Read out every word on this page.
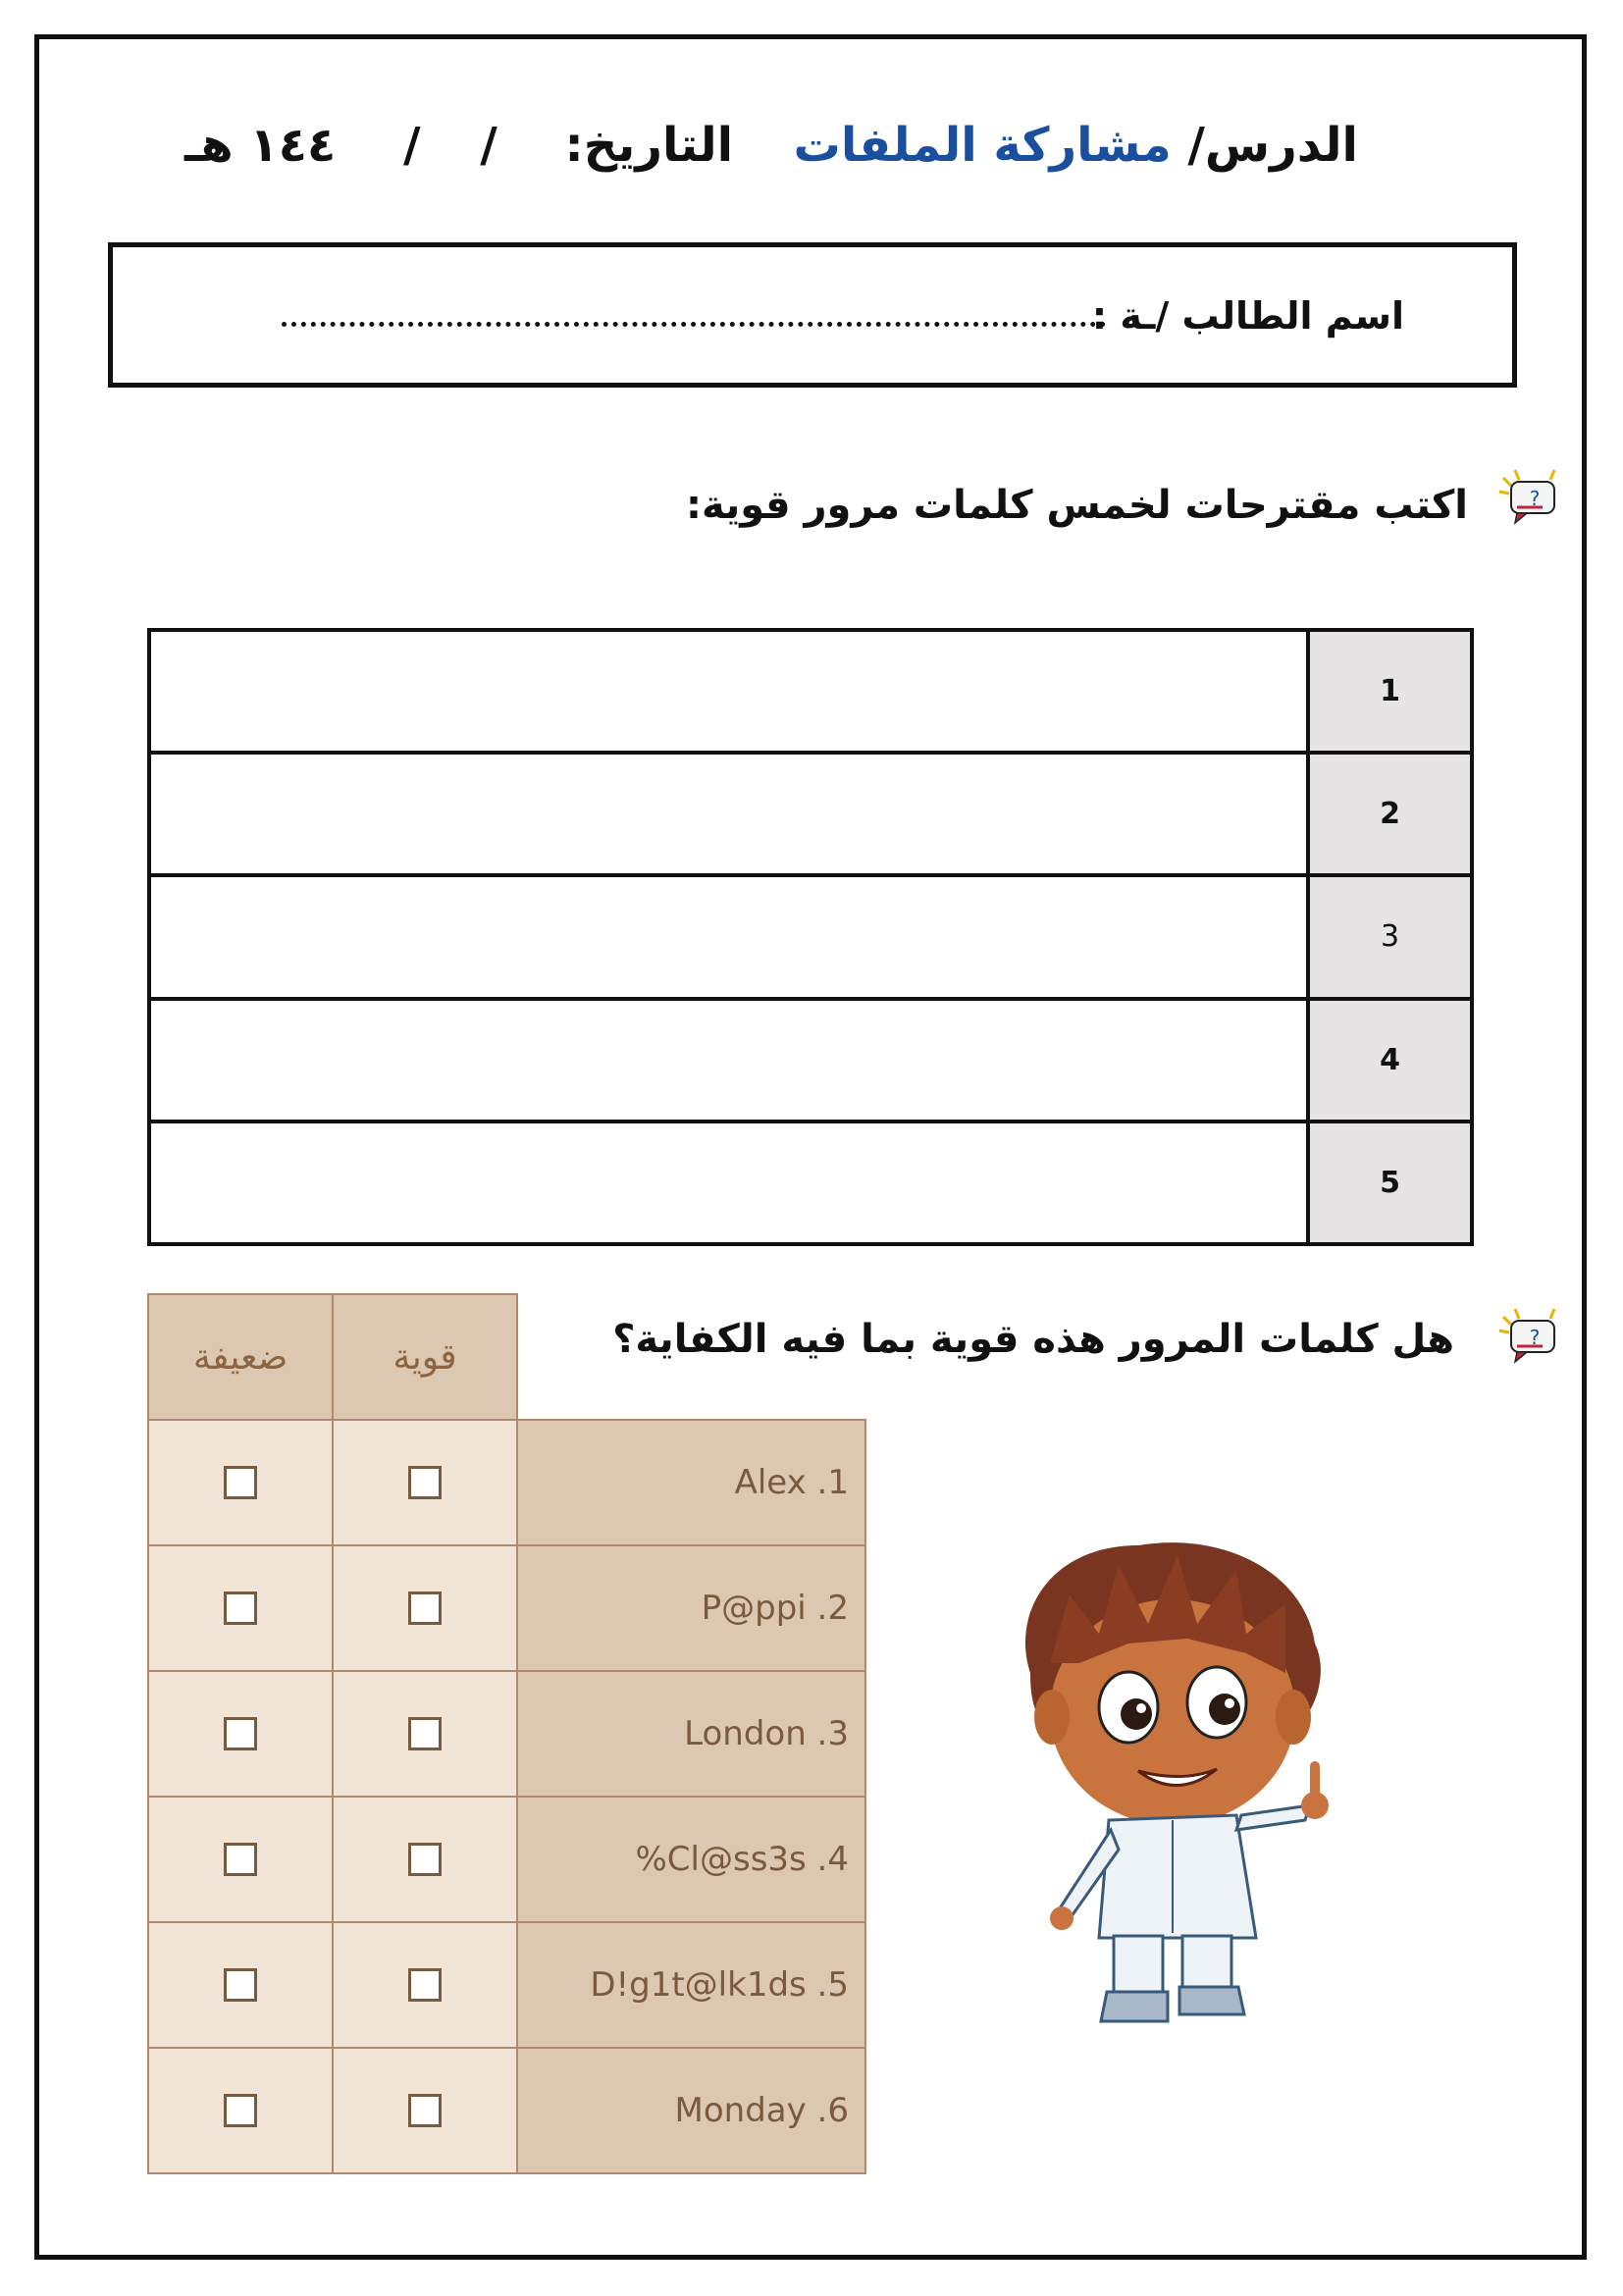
الدرس/ مشاركة الملفات
التاريخ: / / ١٤٤ هـ
اسم الطالب /ـة :
?
اكتب مقترحات لخمس كلمات مرور قوية:
	1
	2
	3
	4
	5
?
هل كلمات المرور هذه قوية بما فيه الكفاية؟
ضعيفة	قوية	
		Alex .1
		P@ppi .2
		London .3
		%Cl@ss3s .4
		D!g1t@lk1ds .5
		Monday .6
